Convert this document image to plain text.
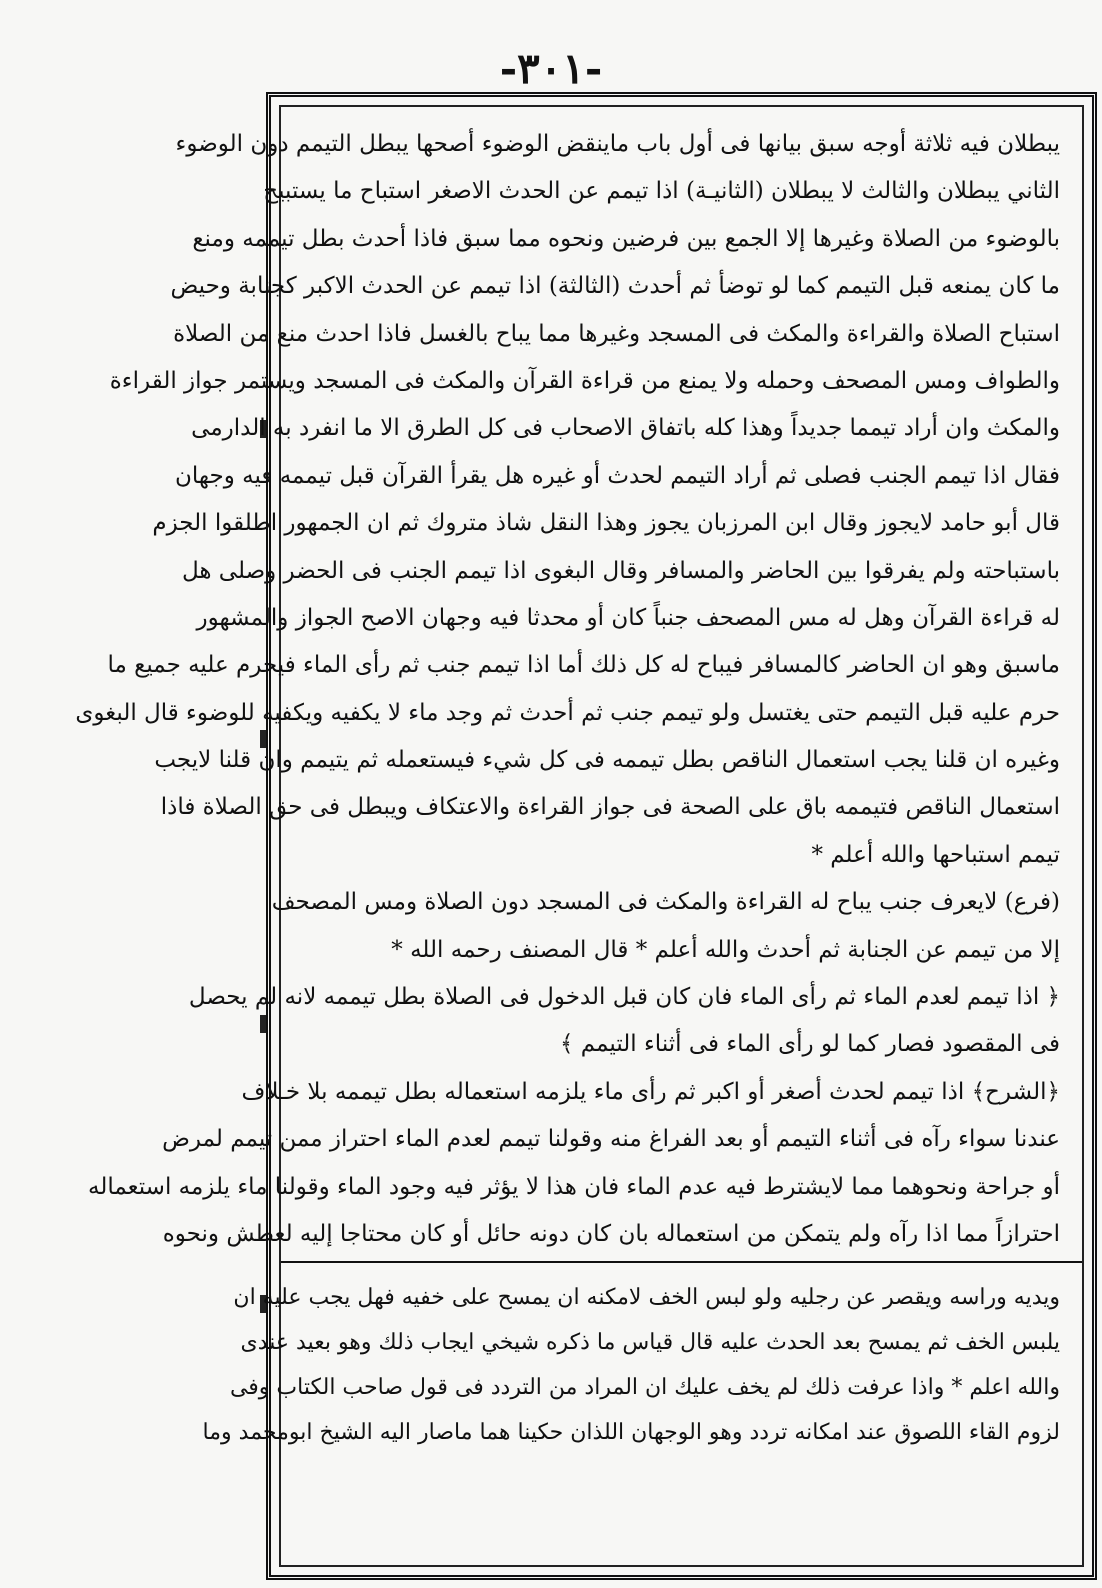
-٣٠١-
يبطلان فيه ثلاثة أوجه سبق بيانها فى أول باب ماينقض الوضوء أصحها يبطل التيمم دون الوضوء
الثاني يبطلان والثالث لا يبطلان (الثانيـة) اذا تيمم عن الحدث الاصغر استباح ما يستبيح
بالوضوء من الصلاة وغيرها إلا الجمع بين فرضين ونحوه مما سبق فاذا أحدث بطل تيممه ومنع
ما كان يمنعه قبل التيمم كما لو توضأ ثم أحدث (الثالثة) اذا تيمم عن الحدث الاكبر كجنابة وحيض
استباح الصلاة والقراءة والمكث فى المسجد وغيرها مما يباح بالغسل فاذا احدث منع من الصلاة
والطواف ومس المصحف وحمله ولا يمنع من قراءة القرآن والمكث فى المسجد ويستمر جواز القراءة
والمكث وان أراد تيمما جديداً وهذا كله باتفاق الاصحاب فى كل الطرق الا ما انفرد به الدارمى
فقال اذا تيمم الجنب فصلى ثم أراد التيمم لحدث أو غيره هل يقرأ القرآن قبل تيممه فيه وجهان
قال أبو حامد لايجوز وقال ابن المرزبان يجوز وهذا النقل شاذ متروك ثم ان الجمهور اطلقوا الجزم
باستباحته ولم يفرقوا بين الحاضر والمسافر وقال البغوى اذا تيمم الجنب فى الحضر وصلى هل
له قراءة القرآن وهل له مس المصحف جنباً كان أو محدثا فيه وجهان الاصح الجواز والمشهور
ماسبق وهو ان الحاضر كالمسافر فيباح له كل ذلك أما اذا تيمم جنب ثم رأى الماء فيحرم عليه جميع ما
حرم عليه قبل التيمم حتى يغتسل ولو تيمم جنب ثم أحدث ثم وجد ماء لا يكفيه ويكفيه للوضوء قال البغوى
وغيره ان قلنا يجب استعمال الناقص بطل تيممه فى كل شيء فيستعمله ثم يتيمم وان قلنا لايجب
استعمال الناقص فتيممه باق على الصحة فى جواز القراءة والاعتكاف ويبطل فى حق الصلاة فاذا
تيمم استباحها والله أعلم *
(فرع) لايعرف جنب يباح له القراءة والمكث فى المسجد دون الصلاة ومس المصحف
إلا من تيمم عن الجنابة ثم أحدث والله أعلم * قال المصنف رحمه الله *
﴿ اذا تيمم لعدم الماء ثم رأى الماء فان كان قبل الدخول فى الصلاة بطل تيممه لانه لم يحصل
فى المقصود فصار كما لو رأى الماء فى أثناء التيمم ﴾
﴿الشرح﴾ اذا تيمم لحدث أصغر أو اكبر ثم رأى ماء يلزمه استعماله بطل تيممه بلا خـلاف
عندنا سواء رآه فى أثناء التيمم أو بعد الفراغ منه وقولنا تيمم لعدم الماء احتراز ممن تيمم لمرض
أو جراحة ونحوهما مما لايشترط فيه عدم الماء فان هذا لا يؤثر فيه وجود الماء وقولنا ماء يلزمه استعماله
احترازاً مما اذا رآه ولم يتمكن من استعماله بان كان دونه حائل أو كان محتاجا إليه لعطش ونحوه
ويديه وراسه ويقصر عن رجليه ولو لبس الخف لامكنه ان يمسح على خفيه فهل يجب عليه ان
يلبس الخف ثم يمسح بعد الحدث عليه قال قياس ما ذكره شيخي ايجاب ذلك وهو بعيد عندى
والله اعلم * واذا عرفت ذلك لم يخف عليك ان المراد من التردد فى قول صاحب الكتاب وفى
لزوم القاء اللصوق عند امكانه تردد وهو الوجهان اللذان حكينا هما ماصار اليه الشيخ ابومحمد وما
